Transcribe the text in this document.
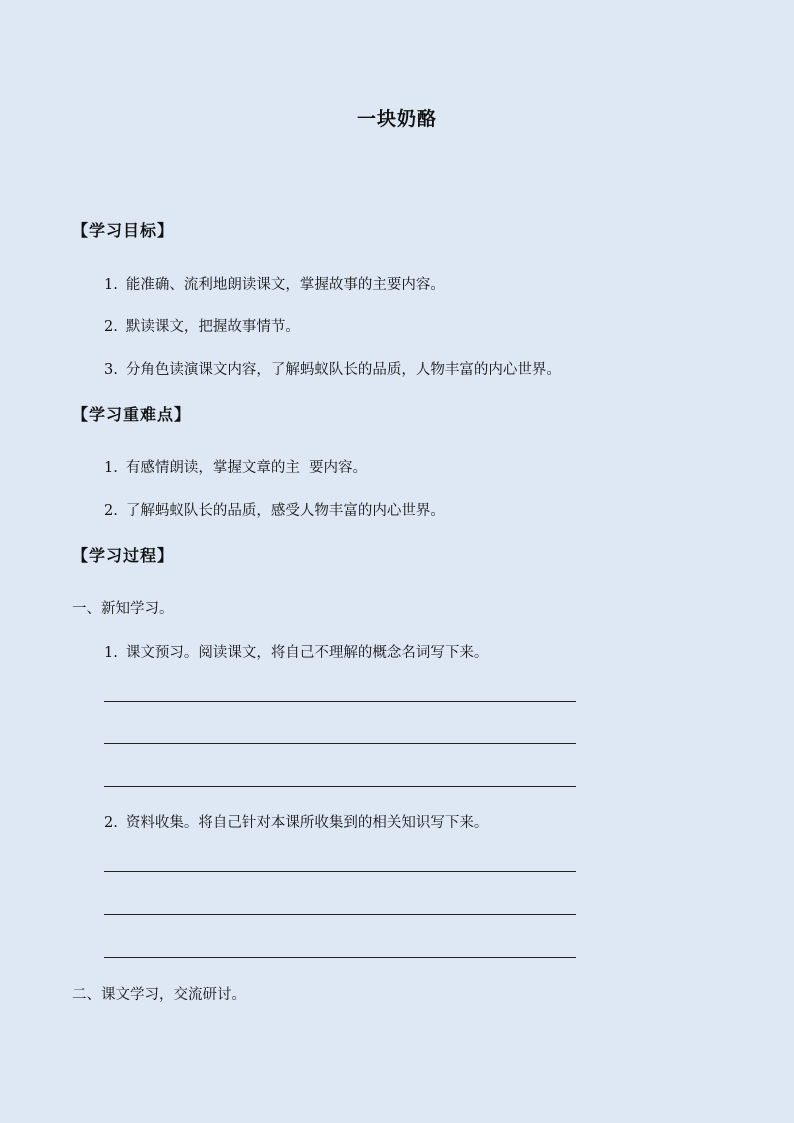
一块奶酪
【学习目标】
1. 能准确、流利地朗读课文，掌握故事的主要内容。
2. 默读课文，把握故事情节。
3. 分角色读演课文内容，了解蚂蚁队长的品质，人物丰富的内心世界。
【学习重难点】
1. 有感情朗读，掌握文章的主  要内容。
2. 了解蚂蚁队长的品质，感受人物丰富的内心世界。
【学习过程】
一、新知学习。
1. 课文预习。阅读课文，将自己不理解的概念名词写下来。
2. 资料收集。将自己针对本课所收集到的相关知识写下来。
二、课文学习，交流研讨。
